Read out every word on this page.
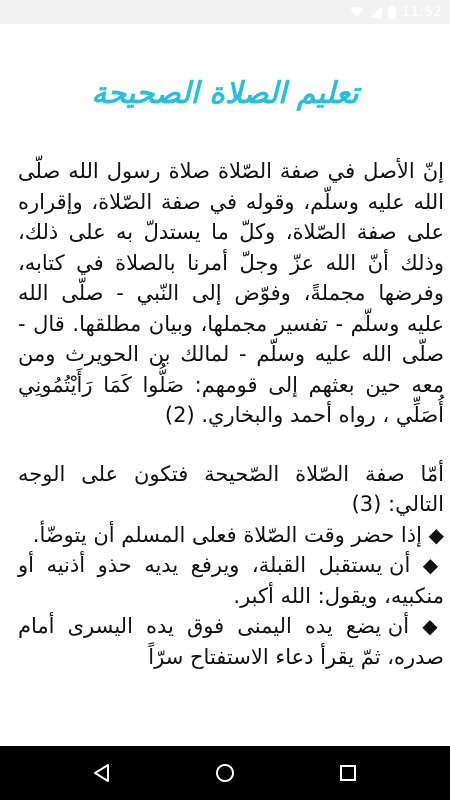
11:52
تعليم الصلاة الصحيحة

إنّ الأصل في صفة الصّلاة صلاة رسول الله صلّى الله عليه وسلّم، وقوله في صفة الصّلاة، وإقراره على صفة الصّلاة، وكلّ ما يستدلّ به على ذلك، وذلك أنّ الله عزّ وجلّ أمرنا بالصلاة في كتابه، وفرضها مجملةً، وفوّض إلى النّبي - صلّى الله عليه وسلّم - تفسير مجملها، وبيان مطلقها. قال - صلّى الله عليه وسلّم - لمالك بن الحويرث ومن معه حين بعثهم إلى قومهم: صَلُّوا كَمَا رَأَيْتُمُونِي أُصَلِّي ، رواه أحمد والبخاري. (2)

أمّا صفة الصّلاة الصّحيحة فتكون على الوجه التالي: (3)

◆ إذا حضر وقت الصّلاة فعلى المسلم أن يتوضّأ.

◆ أن يستقبل القبلة، ويرفع يديه حذو أذنيه أو منكبيه، ويقول: الله أكبر.

◆ أن يضع يده اليمنى فوق يده اليسرى أمام صدره، ثمّ يقرأ دعاء الاستفتاح سرّاً
